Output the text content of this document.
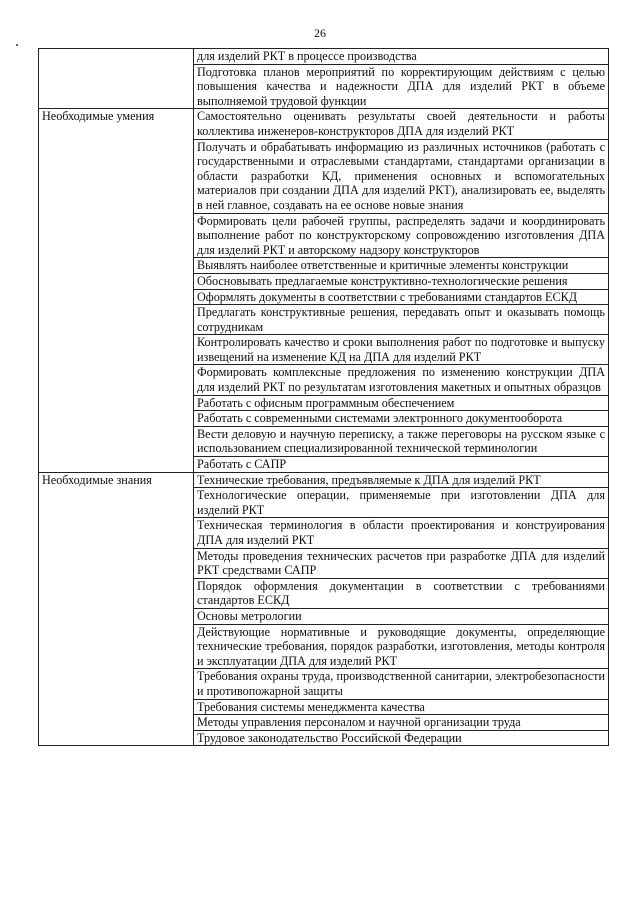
26
	для изделий РКТ в процессе производства
	Подготовка планов мероприятий по корректирующим действиям с целью повышения качества и надежности ДПА для изделий РКТ в объеме выполняемой трудовой функции
Необходимые умения	Самостоятельно оценивать результаты своей деятельности и работы коллектива инженеров-конструкторов ДПА для изделий РКТ
	Получать и обрабатывать информацию из различных источников (работать с государственными и отраслевыми стандартами, стандартами организации в области разработки КД, применения основных и вспомогательных материалов при создании ДПА для изделий РКТ), анализировать ее, выделять в ней главное, создавать на ее основе новые знания
	Формировать цели рабочей группы, распределять задачи и координировать выполнение работ по конструкторскому сопровождению изготовления ДПА для изделий РКТ и авторскому надзору конструкторов
	Выявлять наиболее ответственные и критичные элементы конструкции
	Обосновывать предлагаемые конструктивно-технологические решения
	Оформлять документы в соответствии с требованиями стандартов ЕСКД
	Предлагать конструктивные решения, передавать опыт и оказывать помощь сотрудникам
	Контролировать качество и сроки выполнения работ по подготовке и выпуску извещений на изменение КД на ДПА для изделий РКТ
	Формировать комплексные предложения по изменению конструкции ДПА для изделий РКТ по результатам изготовления макетных и опытных образцов
	Работать с офисным программным обеспечением
	Работать с современными системами электронного документооборота
	Вести деловую и научную переписку, а также переговоры на русском языке с использованием специализированной технической терминологии
	Работать с САПР
Необходимые знания	Технические требования, предъявляемые к ДПА для изделий РКТ
	Технологические операции, применяемые при изготовлении ДПА для изделий РКТ
	Техническая терминология в области проектирования и конструирования ДПА для изделий РКТ
	Методы проведения технических расчетов при разработке ДПА для изделий РКТ средствами САПР
	Порядок оформления документации в соответствии с требованиями стандартов ЕСКД
	Основы метрологии
	Действующие нормативные и руководящие документы, определяющие технические требования, порядок разработки, изготовления, методы контроля и эксплуатации ДПА для изделий РКТ
	Требования охраны труда, производственной санитарии, электробезопасности и противопожарной защиты
	Требования системы менеджмента качества
	Методы управления персоналом и научной организации труда
	Трудовое законодательство Российской Федерации
